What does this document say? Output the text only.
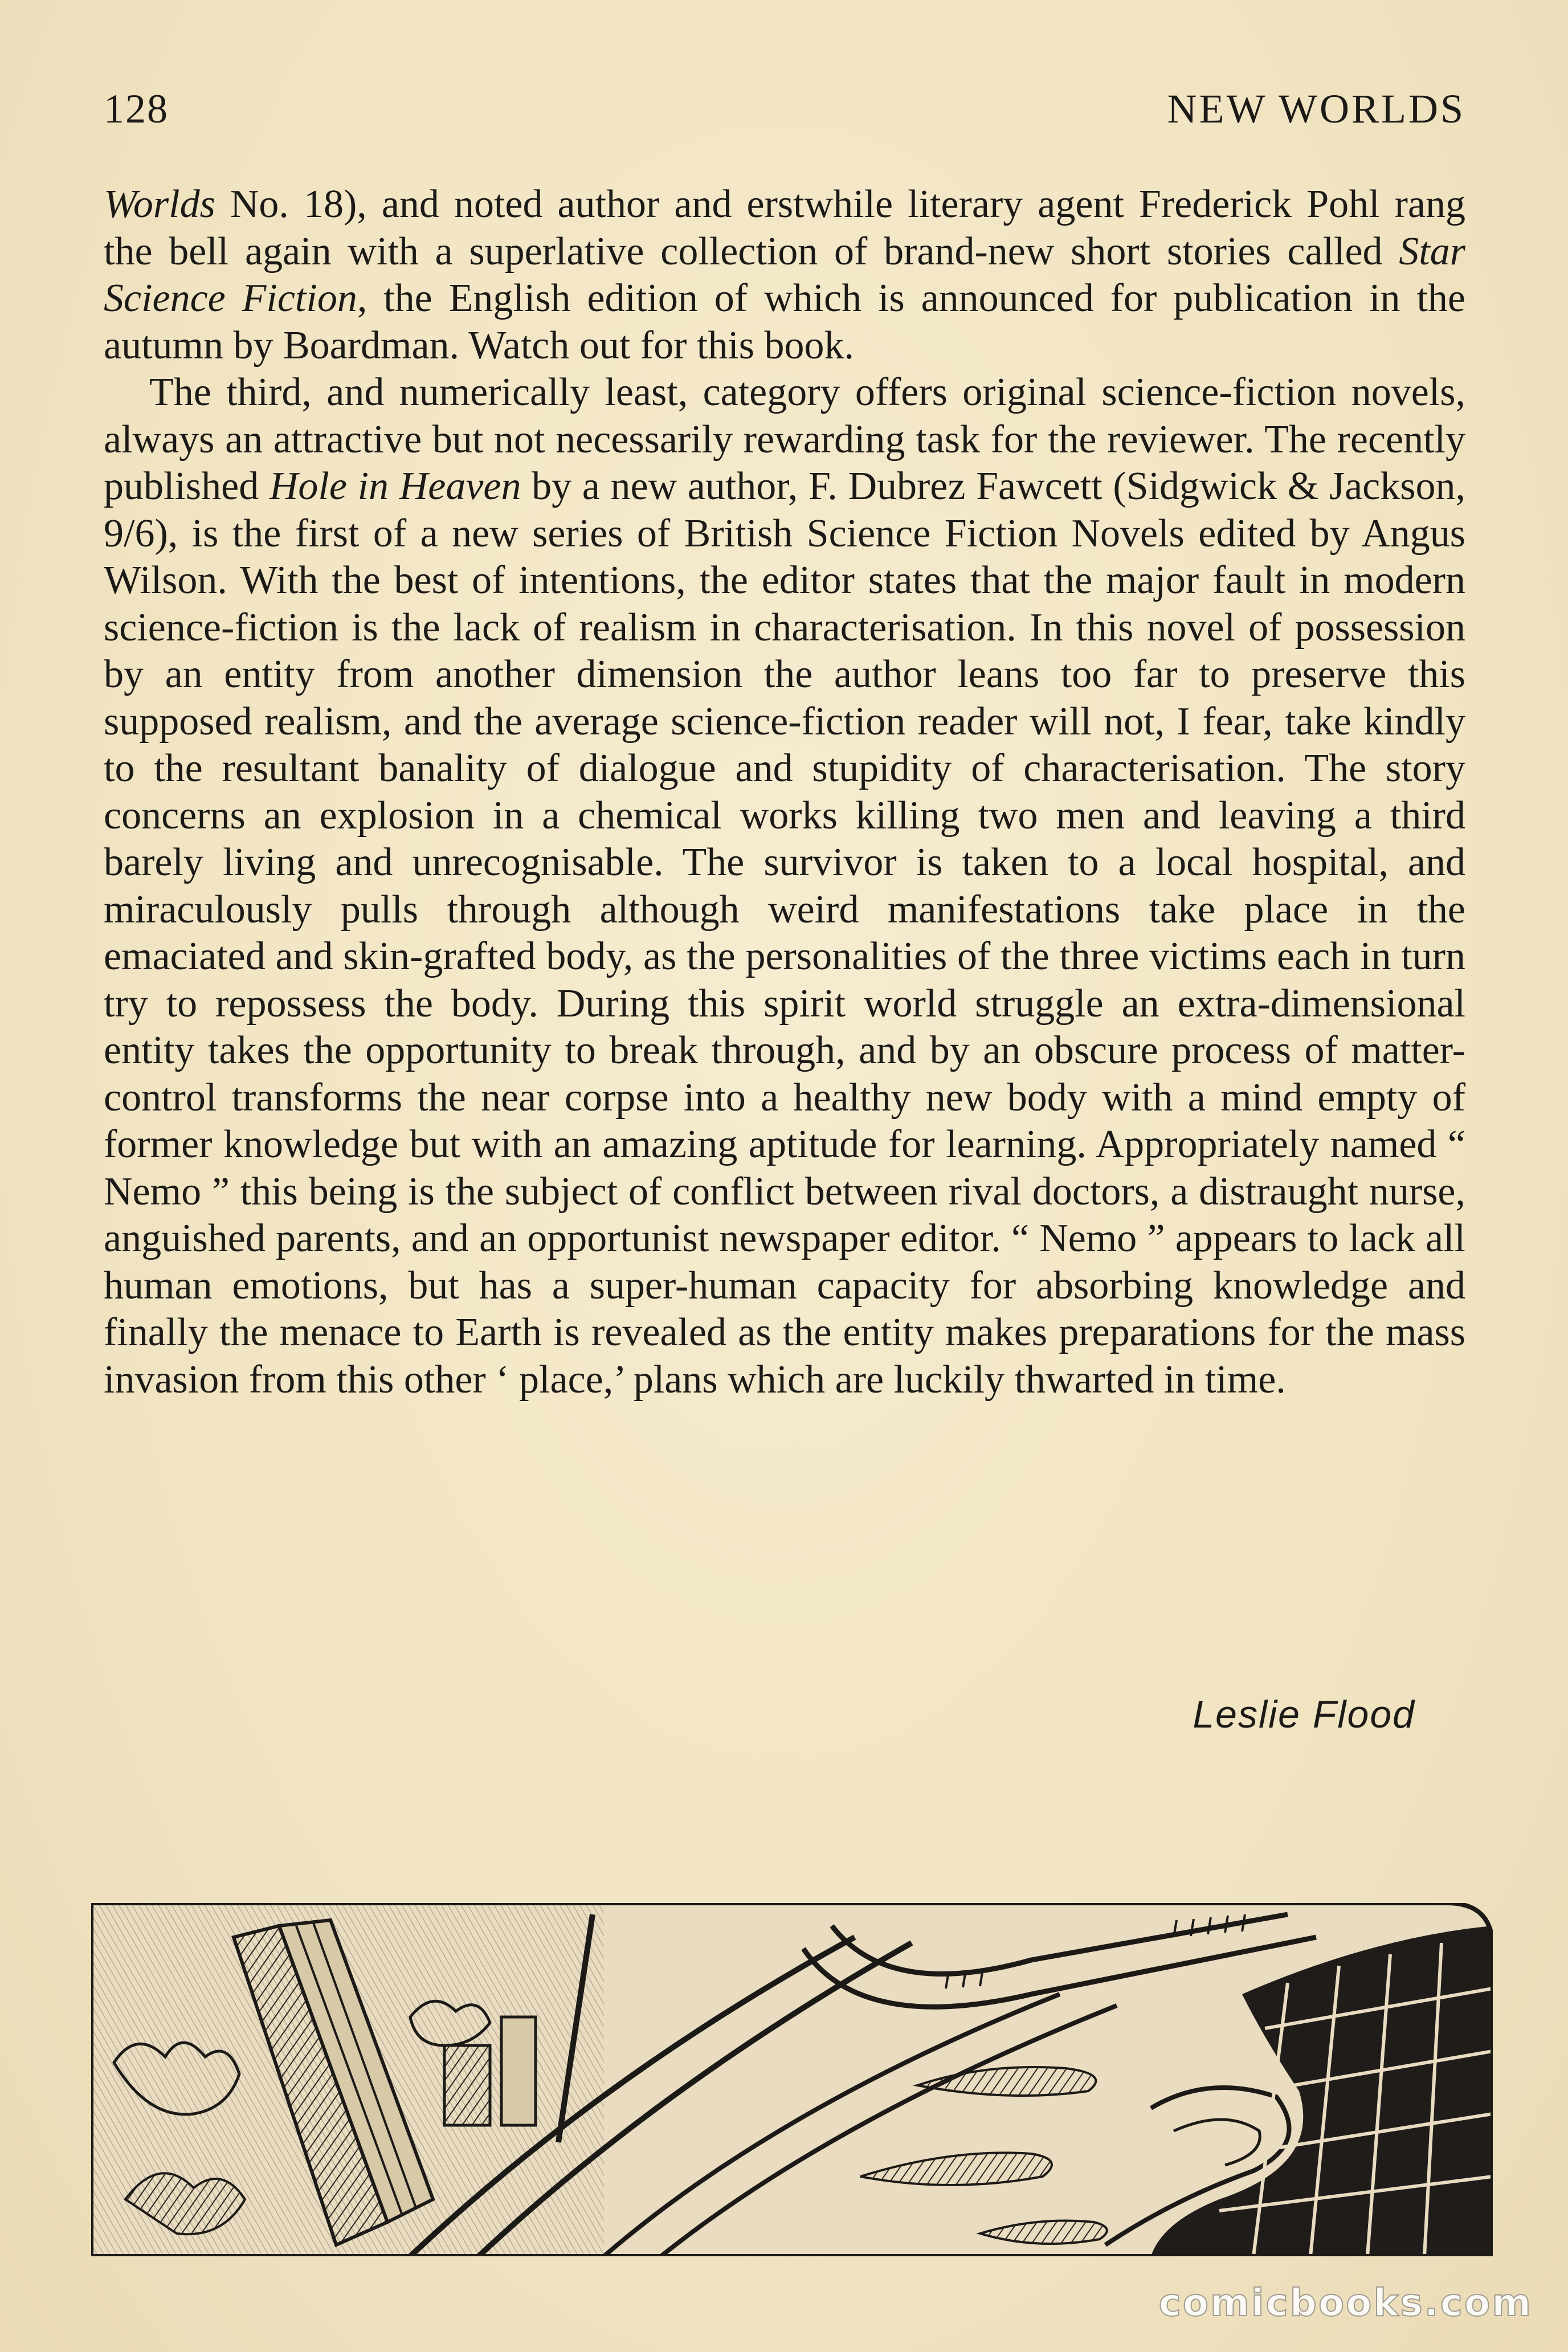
128	NEW WORLDS

Worlds No. 18), and noted author and erstwhile literary agent Frederick Pohl rang the bell again with a superlative collection of brand-new short stories called Star Science Fiction, the English edition of which is announced for publication in the autumn by Boardman. Watch out for this book.

The third, and numerically least, category offers original science-fiction novels, always an attractive but not necessarily rewarding task for the reviewer. The recently published Hole in Heaven by a new author, F. Dubrez Fawcett (Sidgwick & Jackson, 9/6), is the first of a new series of British Science Fiction Novels edited by Angus Wilson. With the best of intentions, the editor states that the major fault in modern science-fiction is the lack of realism in characterisation. In this novel of possession by an entity from another dimension the author leans too far to preserve this supposed realism, and the average science-fiction reader will not, I fear, take kindly to the resultant banality of dialogue and stupidity of characterisation. The story concerns an explosion in a chemical works killing two men and leaving a third barely living and unrecognisable. The survivor is taken to a local hospital, and miraculously pulls through although weird manifestations take place in the emaciated and skin-grafted body, as the personalities of the three victims each in turn try to repossess the body. During this spirit world struggle an extra-dimensional entity takes the opportunity to break through, and by an obscure process of matter-control transforms the near corpse into a healthy new body with a mind empty of former knowledge but with an amazing aptitude for learning. Appropriately named “ Nemo ” this being is the subject of conflict between rival doctors, a distraught nurse, anguished parents, and an opportunist newspaper editor. “ Nemo ” appears to lack all human emotions, but has a super-human capacity for absorbing knowledge and finally the menace to Earth is revealed as the entity makes preparations for the mass invasion from this other ‘ place,’ plans which are luckily thwarted in time.

Leslie Flood
comicbooks.com
